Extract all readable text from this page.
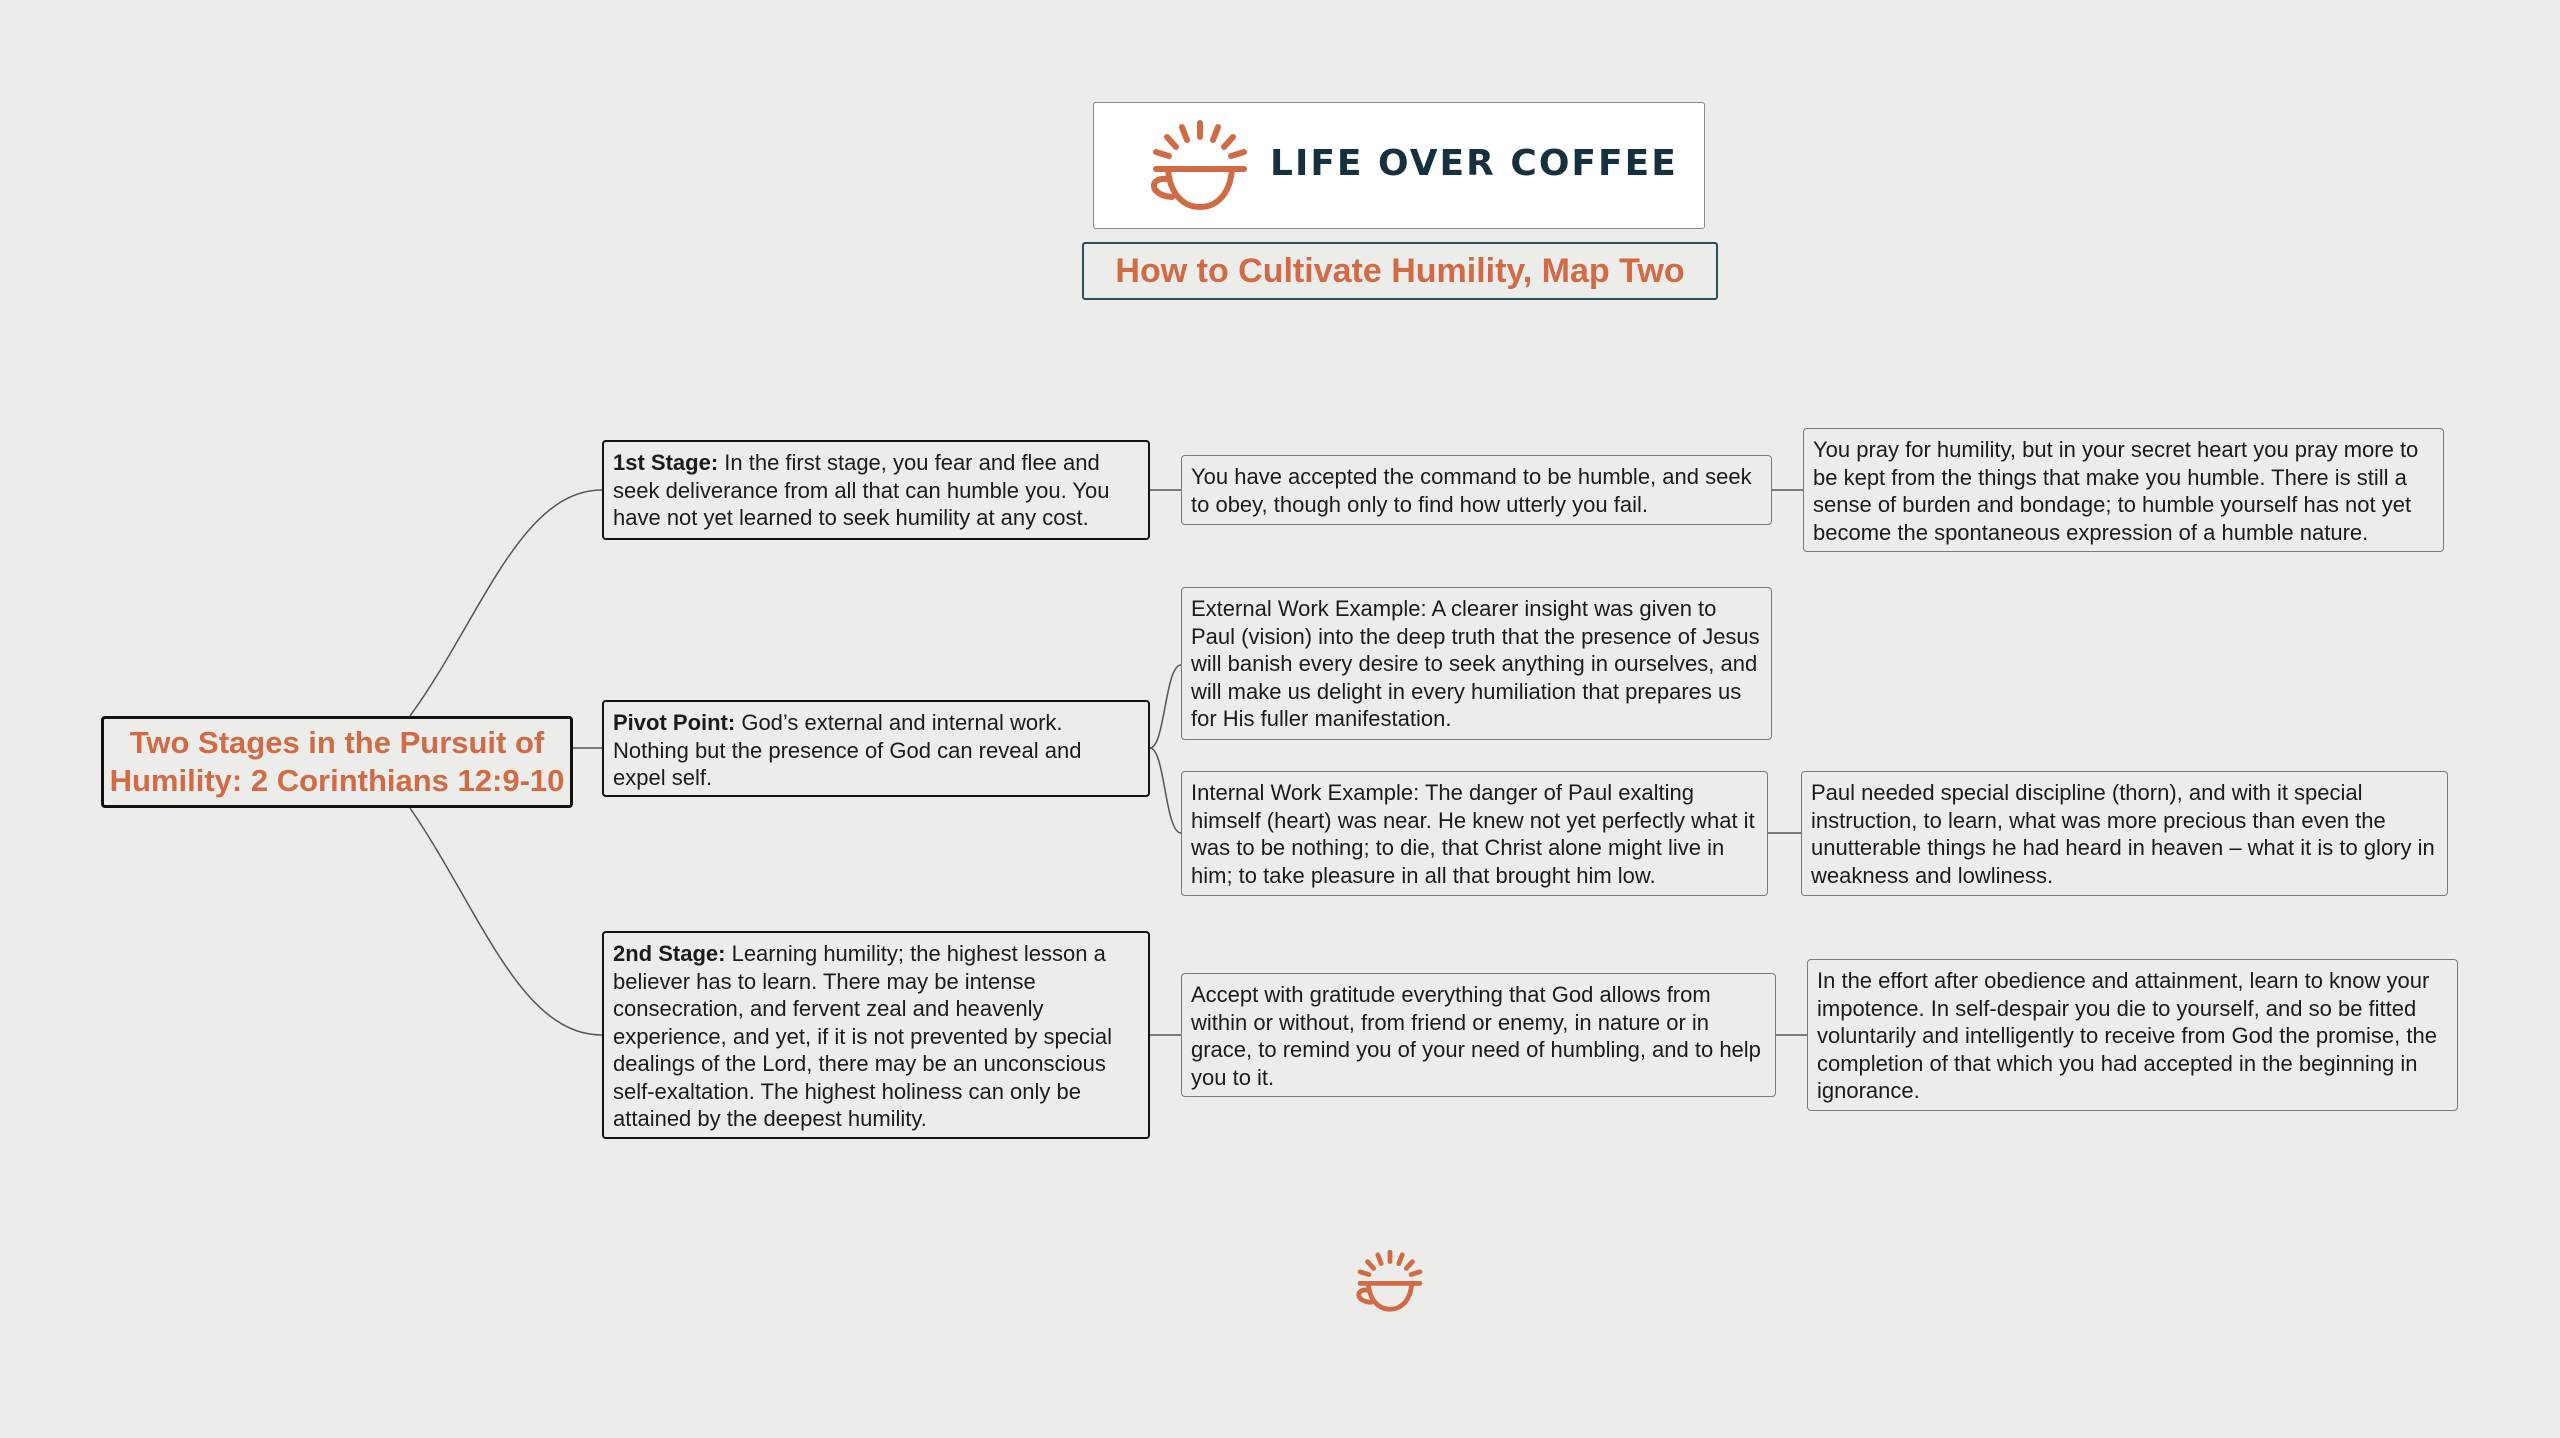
LIFE OVER COFFEE
How to Cultivate Humility, Map Two
Two Stages in the Pursuit of Humility: 2 Corinthians 12:9-10
1st Stage: In the first stage, you fear and flee and seek deliverance from all that can humble you. You have not yet learned to seek humility at any cost.
You have accepted the command to be humble, and seek to obey, though only to find how utterly you fail.
You pray for humility, but in your secret heart you pray more to be kept from the things that make you humble. There is still a sense of burden and bondage; to humble yourself has not yet become the spontaneous expression of a humble nature.
Pivot Point: God’s external and internal work. Nothing but the presence of God can reveal and expel self.
External Work Example: A clearer insight was given to Paul (vision) into the deep truth that the presence of Jesus will banish every desire to seek anything in ourselves, and will make us delight in every humiliation that prepares us for His fuller manifestation.
Internal Work Example: The danger of Paul exalting himself (heart) was near. He knew not yet perfectly what it was to be nothing; to die, that Christ alone might live in him; to take pleasure in all that brought him low.
Paul needed special discipline (thorn), and with it special instruction, to learn, what was more precious than even the unutterable things he had heard in heaven – what it is to glory in weakness and lowliness.
2nd Stage: Learning humility; the highest lesson a believer has to learn. There may be intense consecration, and fervent zeal and heavenly experience, and yet, if it is not prevented by special dealings of the Lord, there may be an unconscious self-exaltation. The highest holiness can only be attained by the deepest humility.
Accept with gratitude everything that God allows from within or without, from friend or enemy, in nature or in grace, to remind you of your need of humbling, and to help you to it.
In the effort after obedience and attainment, learn to know your impotence. In self-despair you die to yourself, and so be fitted voluntarily and intelligently to receive from God the promise, the completion of that which you had accepted in the beginning in ignorance.
